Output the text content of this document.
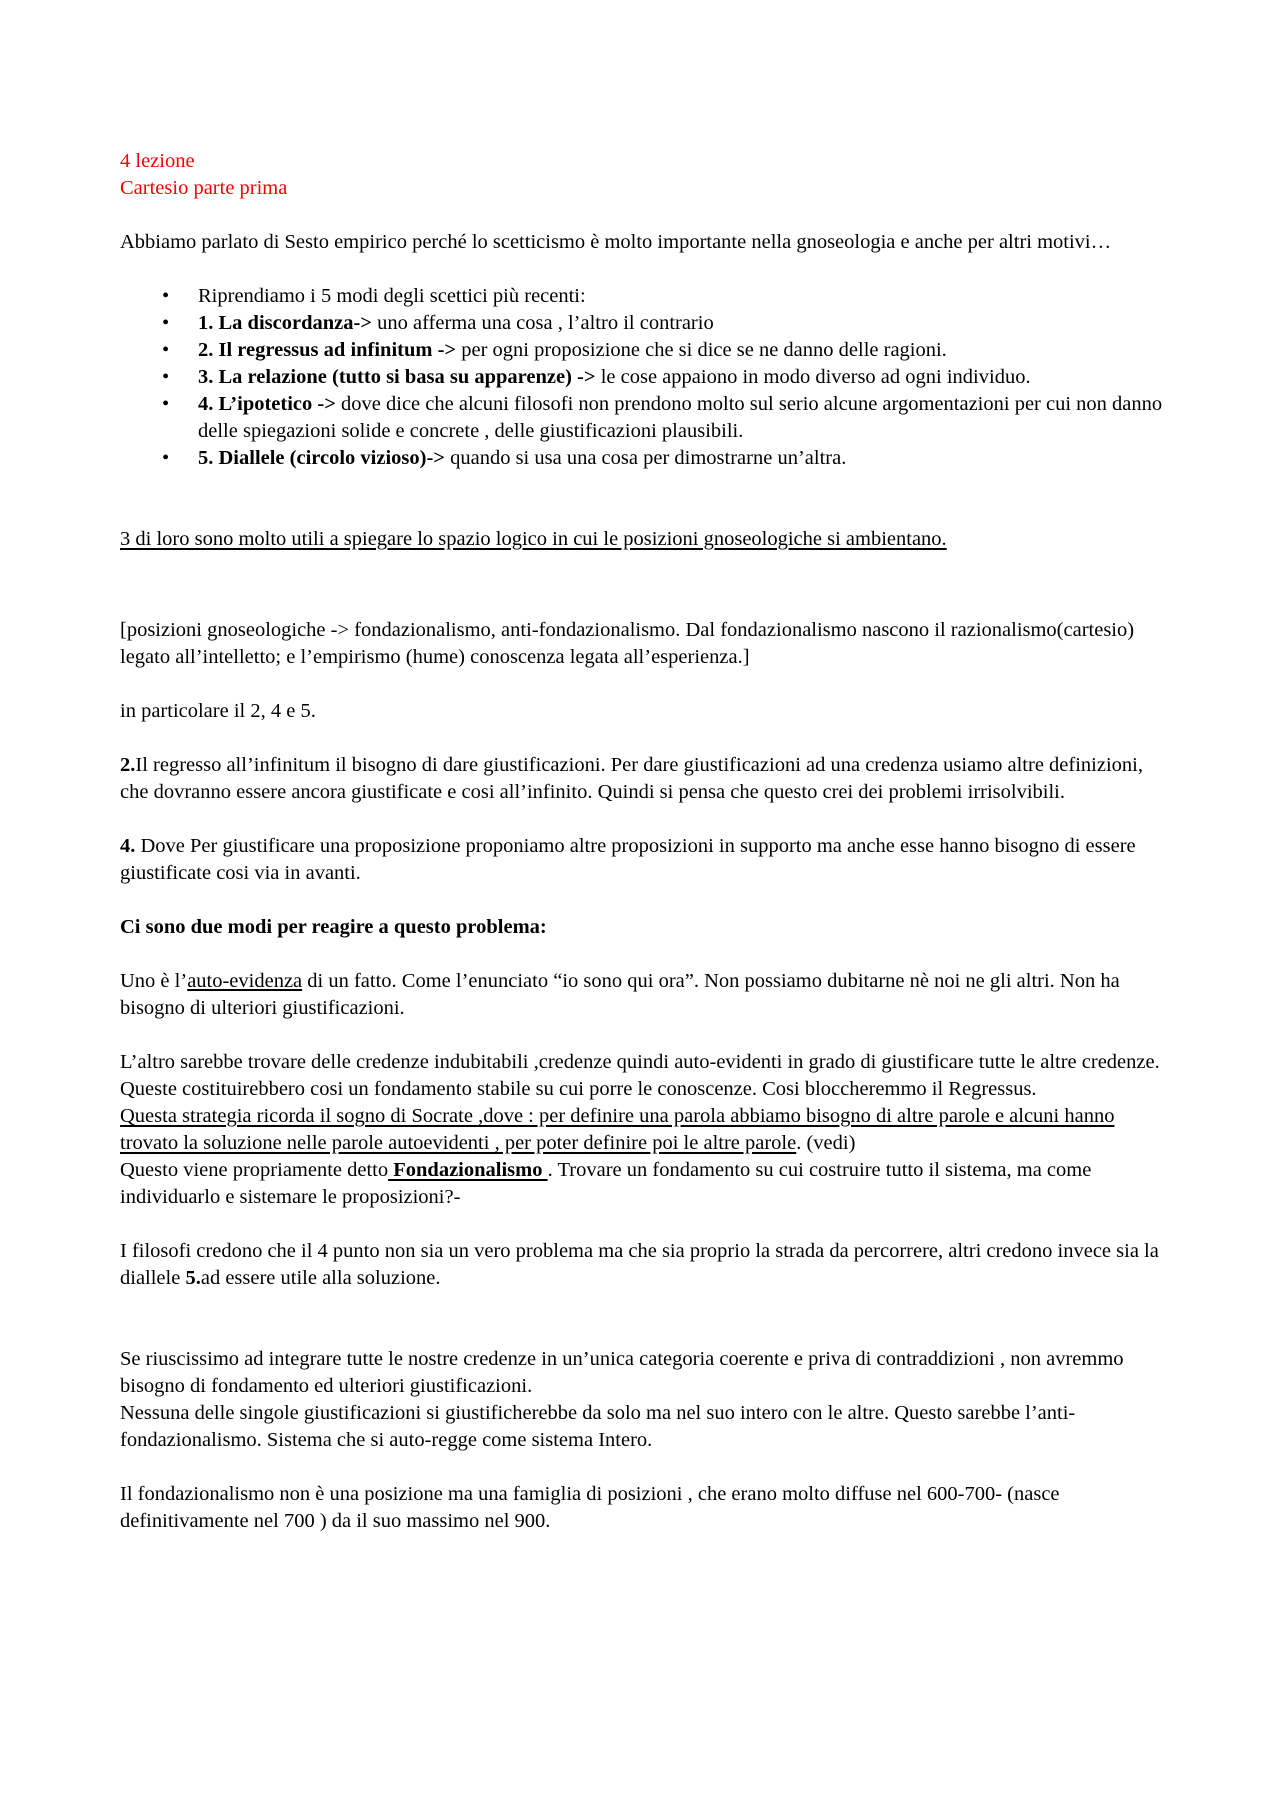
4 lezione

Cartesio parte prima

Abbiamo parlato di Sesto empirico perché lo scetticismo è molto importante nella gnoseologia e anche per altri motivi…

• Riprendiamo i 5 modi degli scettici più recenti:
• 1. La discordanza-> uno afferma una cosa , l’altro il contrario
• 2. Il regressus ad infinitum -> per ogni proposizione che si dice se ne danno delle ragioni.
• 3. La relazione (tutto si basa su apparenze) -> le cose appaiono in modo diverso ad ogni individuo.
• 4. L’ipotetico -> dove dice che alcuni filosofi non prendono molto sul serio alcune argomentazioni per cui non danno delle spiegazioni solide e concrete , delle giustificazioni plausibili.
• 5. Diallele (circolo vizioso)-> quando si usa una cosa per dimostrarne un’altra.

3 di loro sono molto utili a spiegare lo spazio logico in cui le posizioni gnoseologiche si ambientano.

[posizioni gnoseologiche -> fondazionalismo, anti-fondazionalismo. Dal fondazionalismo nascono il razionalismo(cartesio) legato all’intelletto; e l’empirismo (hume) conoscenza legata all’esperienza.]

in particolare il 2, 4 e 5.

2.Il regresso all’infinitum il bisogno di dare giustificazioni. Per dare giustificazioni ad una credenza usiamo altre definizioni, che dovranno essere ancora giustificate e cosi all’infinito. Quindi si pensa che questo crei dei problemi irrisolvibili.

4. Dove Per giustificare una proposizione proponiamo altre proposizioni in supporto ma anche esse hanno bisogno di essere giustificate cosi via in avanti.

Ci sono due modi per reagire a questo problema:

Uno è l’auto-evidenza di un fatto. Come l’enunciato “io sono qui ora”. Non possiamo dubitarne nè noi ne gli altri. Non ha bisogno di ulteriori giustificazioni.

L’altro sarebbe trovare delle credenze indubitabili ,credenze quindi auto-evidenti in grado di giustificare tutte le altre credenze. Queste costituirebbero cosi un fondamento stabile su cui porre le conoscenze. Cosi bloccheremmo il Regressus.

Questa strategia ricorda il sogno di Socrate ,dove : per definire una parola abbiamo bisogno di altre parole e alcuni hanno trovato la soluzione nelle parole autoevidenti , per poter definire poi le altre parole. (vedi)

Questo viene propriamente detto Fondazionalismo . Trovare un fondamento su cui costruire tutto il sistema, ma come individuarlo e sistemare le proposizioni?-

I filosofi credono che il 4 punto non sia un vero problema ma che sia proprio la strada da percorrere, altri credono invece sia la diallele 5.ad essere utile alla soluzione.

Se riuscissimo ad integrare tutte le nostre credenze in un’unica categoria coerente e priva di contraddizioni , non avremmo bisogno di fondamento ed ulteriori giustificazioni.

Nessuna delle singole giustificazioni si giustificherebbe da solo ma nel suo intero con le altre. Questo sarebbe l’anti-fondazionalismo. Sistema che si auto-regge come sistema Intero.

Il fondazionalismo non è una posizione ma una famiglia di posizioni , che erano molto diffuse nel 600-700- (nasce definitivamente nel 700 ) da il suo massimo nel 900.
